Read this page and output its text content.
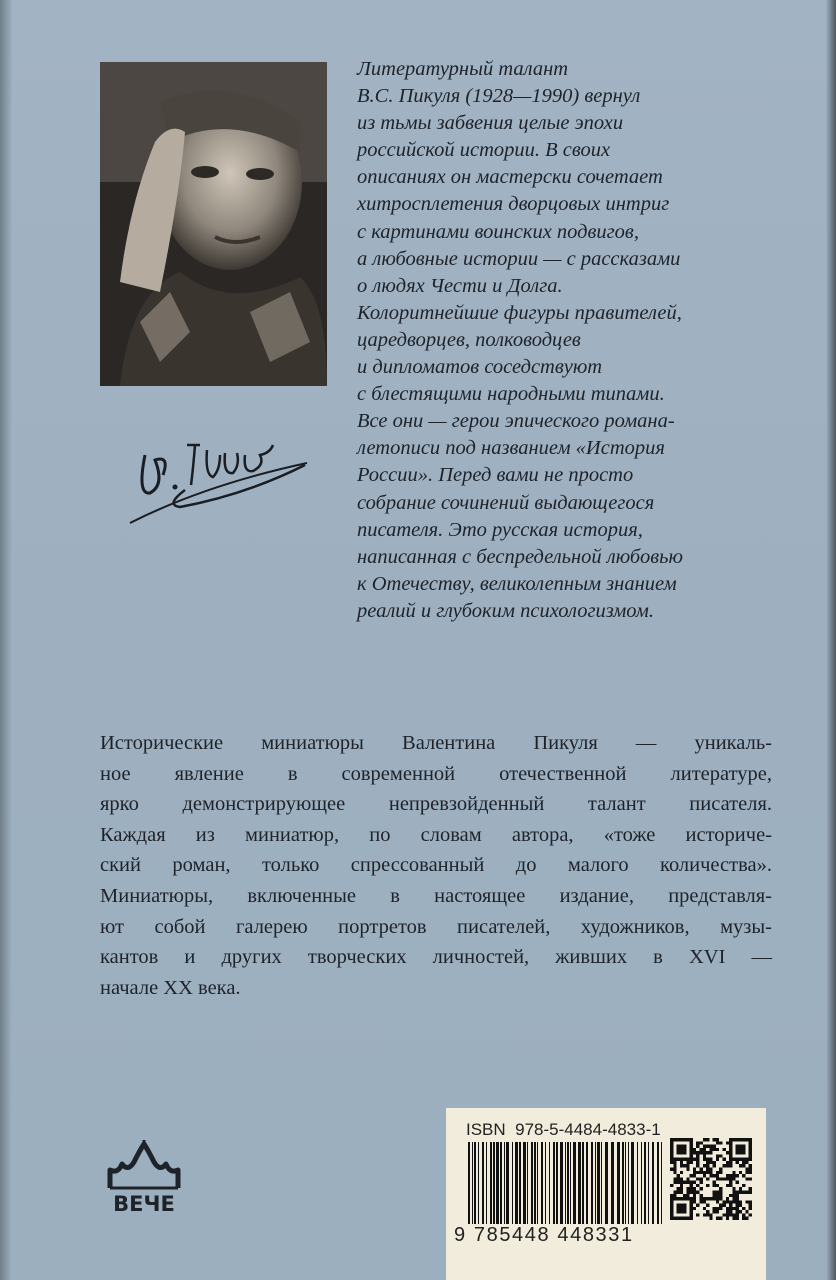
Литературный талант
В.С. Пикуля (1928—1990) вернул
из тьмы забвения целые эпохи
российской истории. В своих
описаниях он мастерски сочетает
хитросплетения дворцовых интриг
с картинами воинских подвигов,
а любовные истории — с рассказами
о людях Чести и Долга.
Колоритнейшие фигуры правителей,
царедворцев, полководцев
и дипломатов соседствуют
с блестящими народными типами.
Все они — герои эпического романа-
летописи под названием «История
России». Перед вами не просто
собрание сочинений выдающегося
писателя. Это русская история,
написанная с беспредельной любовью
к Отечеству, великолепным знанием
реалий и глубоким психологизмом.
Исторические миниатюры Валентина Пикуля — уникаль-
ное явление в современной отечественной литературе,
ярко демонстрирующее непревзойденный талант писателя.
Каждая из миниатюр, по словам автора, «тоже историче-
ский роман, только спрессованный до малого количества».
Миниатюры, включенные в настоящее издание, представля-
ют собой галерею портретов писателей, художников, музы-
кантов и других творческих личностей, живших в XVI —
начале XX века.
ВЕЧЕ
ISBN  978-5-4484-4833-1
9 785448 448331
